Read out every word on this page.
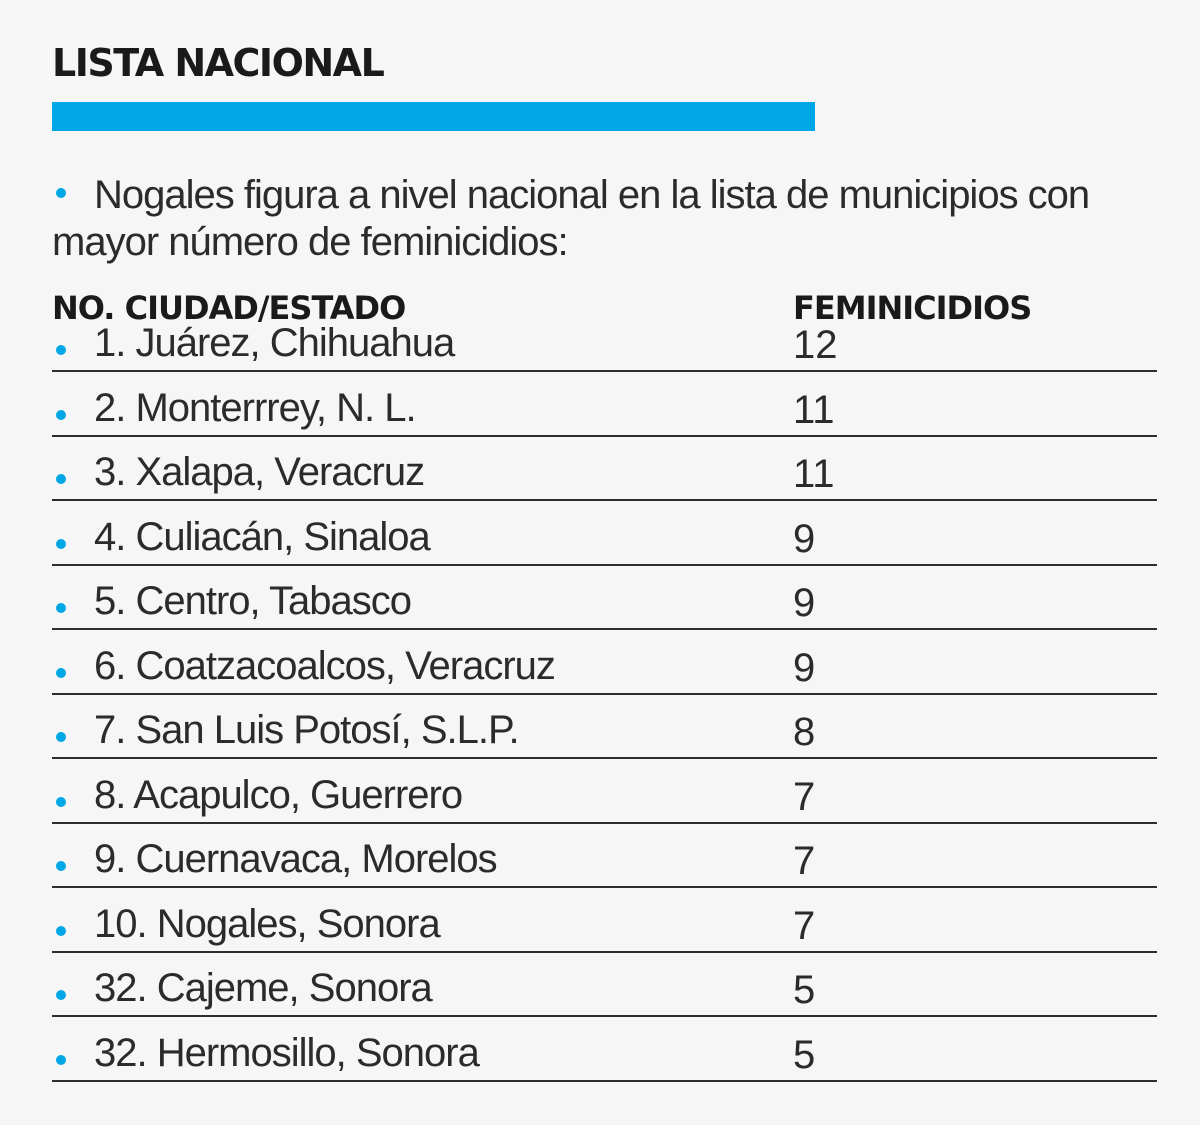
LISTA NACIONAL
Nogales figura a nivel nacional en la lista de municipios con mayor número de feminicidios:
NO. CIUDAD/ESTADO	FEMINICIDIOS
1. Juárez, Chihuahua	12
2. Monterrrey, N. L.	11
3. Xalapa, Veracruz	11
4. Culiacán, Sinaloa	9
5. Centro, Tabasco	9
6. Coatzacoalcos, Veracruz	9
7. San Luis Potosí, S.L.P.	8
8. Acapulco, Guerrero	7
9. Cuernavaca, Morelos	7
10. Nogales, Sonora	7
32. Cajeme, Sonora	5
32. Hermosillo, Sonora	5
